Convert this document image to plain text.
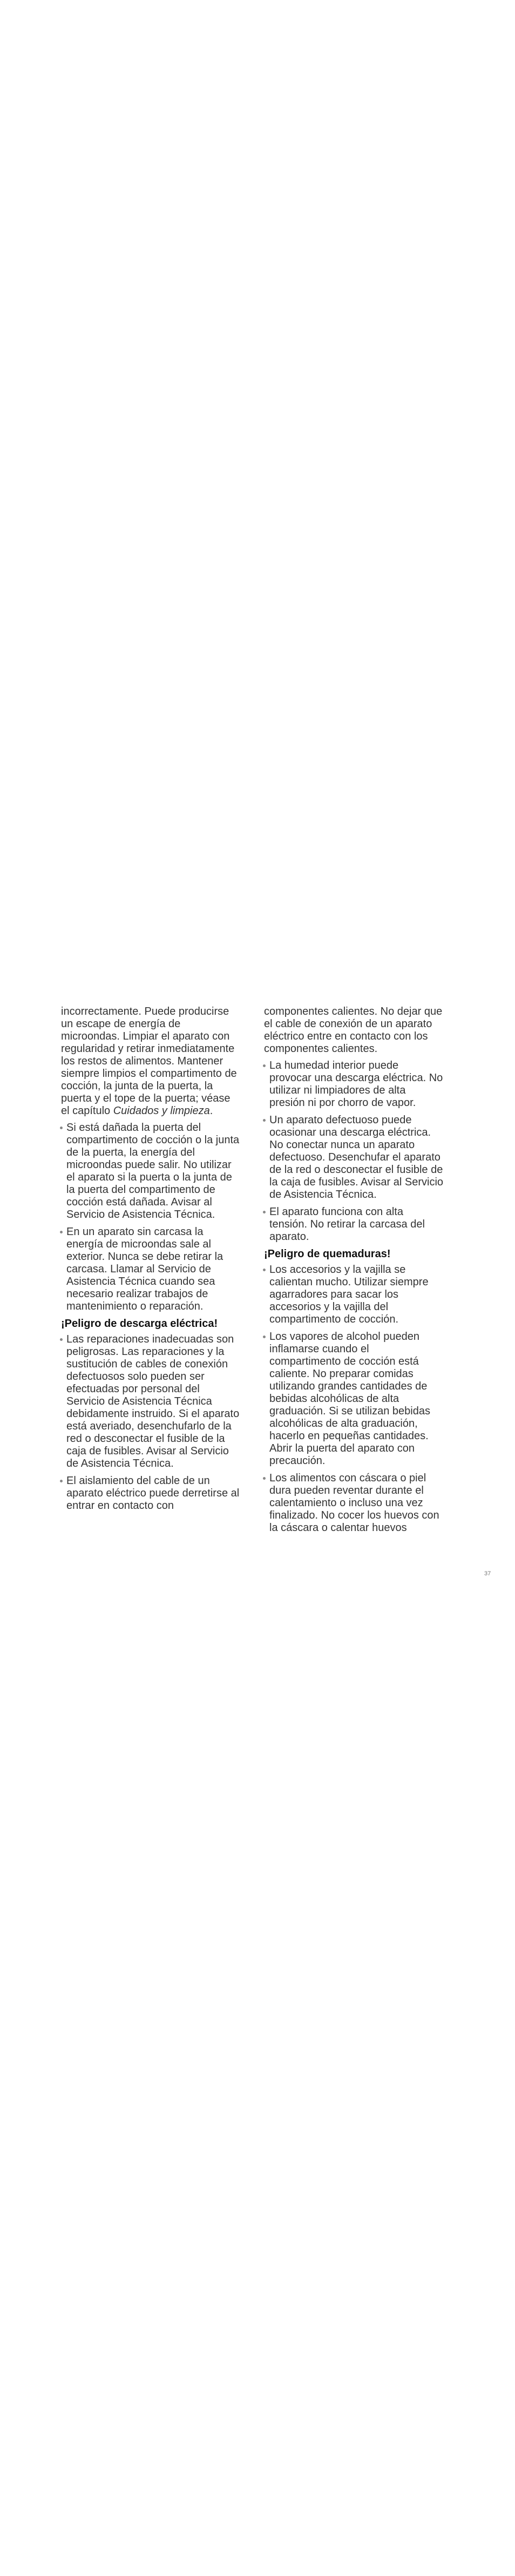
incorrectamente. Puede producirse un escape de energía de microondas. Limpiar el aparato con regularidad y retirar inmediatamente los restos de alimentos. Mantener siempre limpios el compartimento de cocción, la junta de la puerta, la puerta y el tope de la puerta; véase el capítulo Cuidados y limpieza.

Si está dañada la puerta del compartimento de cocción o la junta de la puerta, la energía del microondas puede salir. No utilizar el aparato si la puerta o la junta de la puerta del compartimento de cocción está dañada. Avisar al Servicio de Asistencia Técnica.
En un aparato sin carcasa la energía de microondas sale al exterior. Nunca se debe retirar la carcasa. Llamar al Servicio de Asistencia Técnica cuando sea necesario realizar trabajos de mantenimiento o reparación.
¡Peligro de descarga eléctrica!
Las reparaciones inadecuadas son peligrosas. Las reparaciones y la sustitución de cables de conexión defectuosos solo pueden ser efectuadas por personal del Servicio de Asistencia Técnica debidamente instruido. Si el aparato está averiado, desenchufarlo de la red o desconectar el fusible de la caja de fusibles. Avisar al Servicio de Asistencia Técnica.
El aislamiento del cable de un aparato eléctrico puede derretirse al entrar en contacto con

componentes calientes. No dejar que el cable de conexión de un aparato eléctrico entre en contacto con los componentes calientes.

La humedad interior puede provocar una descarga eléctrica. No utilizar ni limpiadores de alta presión ni por chorro de vapor.
Un aparato defectuoso puede ocasionar una descarga eléctrica. No conectar nunca un aparato defectuoso. Desenchufar el aparato de la red o desconectar el fusible de la caja de fusibles. Avisar al Servicio de Asistencia Técnica.
El aparato funciona con alta tensión. No retirar la carcasa del aparato.
¡Peligro de quemaduras!
Los accesorios y la vajilla se calientan mucho. Utilizar siempre agarradores para sacar los accesorios y la vajilla del compartimento de cocción.
Los vapores de alcohol pueden inflamarse cuando el compartimento de cocción está caliente. No preparar comidas utilizando grandes cantidades de bebidas alcohólicas de alta graduación. Si se utilizan bebidas alcohólicas de alta graduación, hacerlo en pequeñas cantidades. Abrir la puerta del aparato con precaución.
Los alimentos con cáscara o piel dura pueden reventar durante el calentamiento o incluso una vez finalizado. No cocer los huevos con la cáscara o calentar huevos
37
